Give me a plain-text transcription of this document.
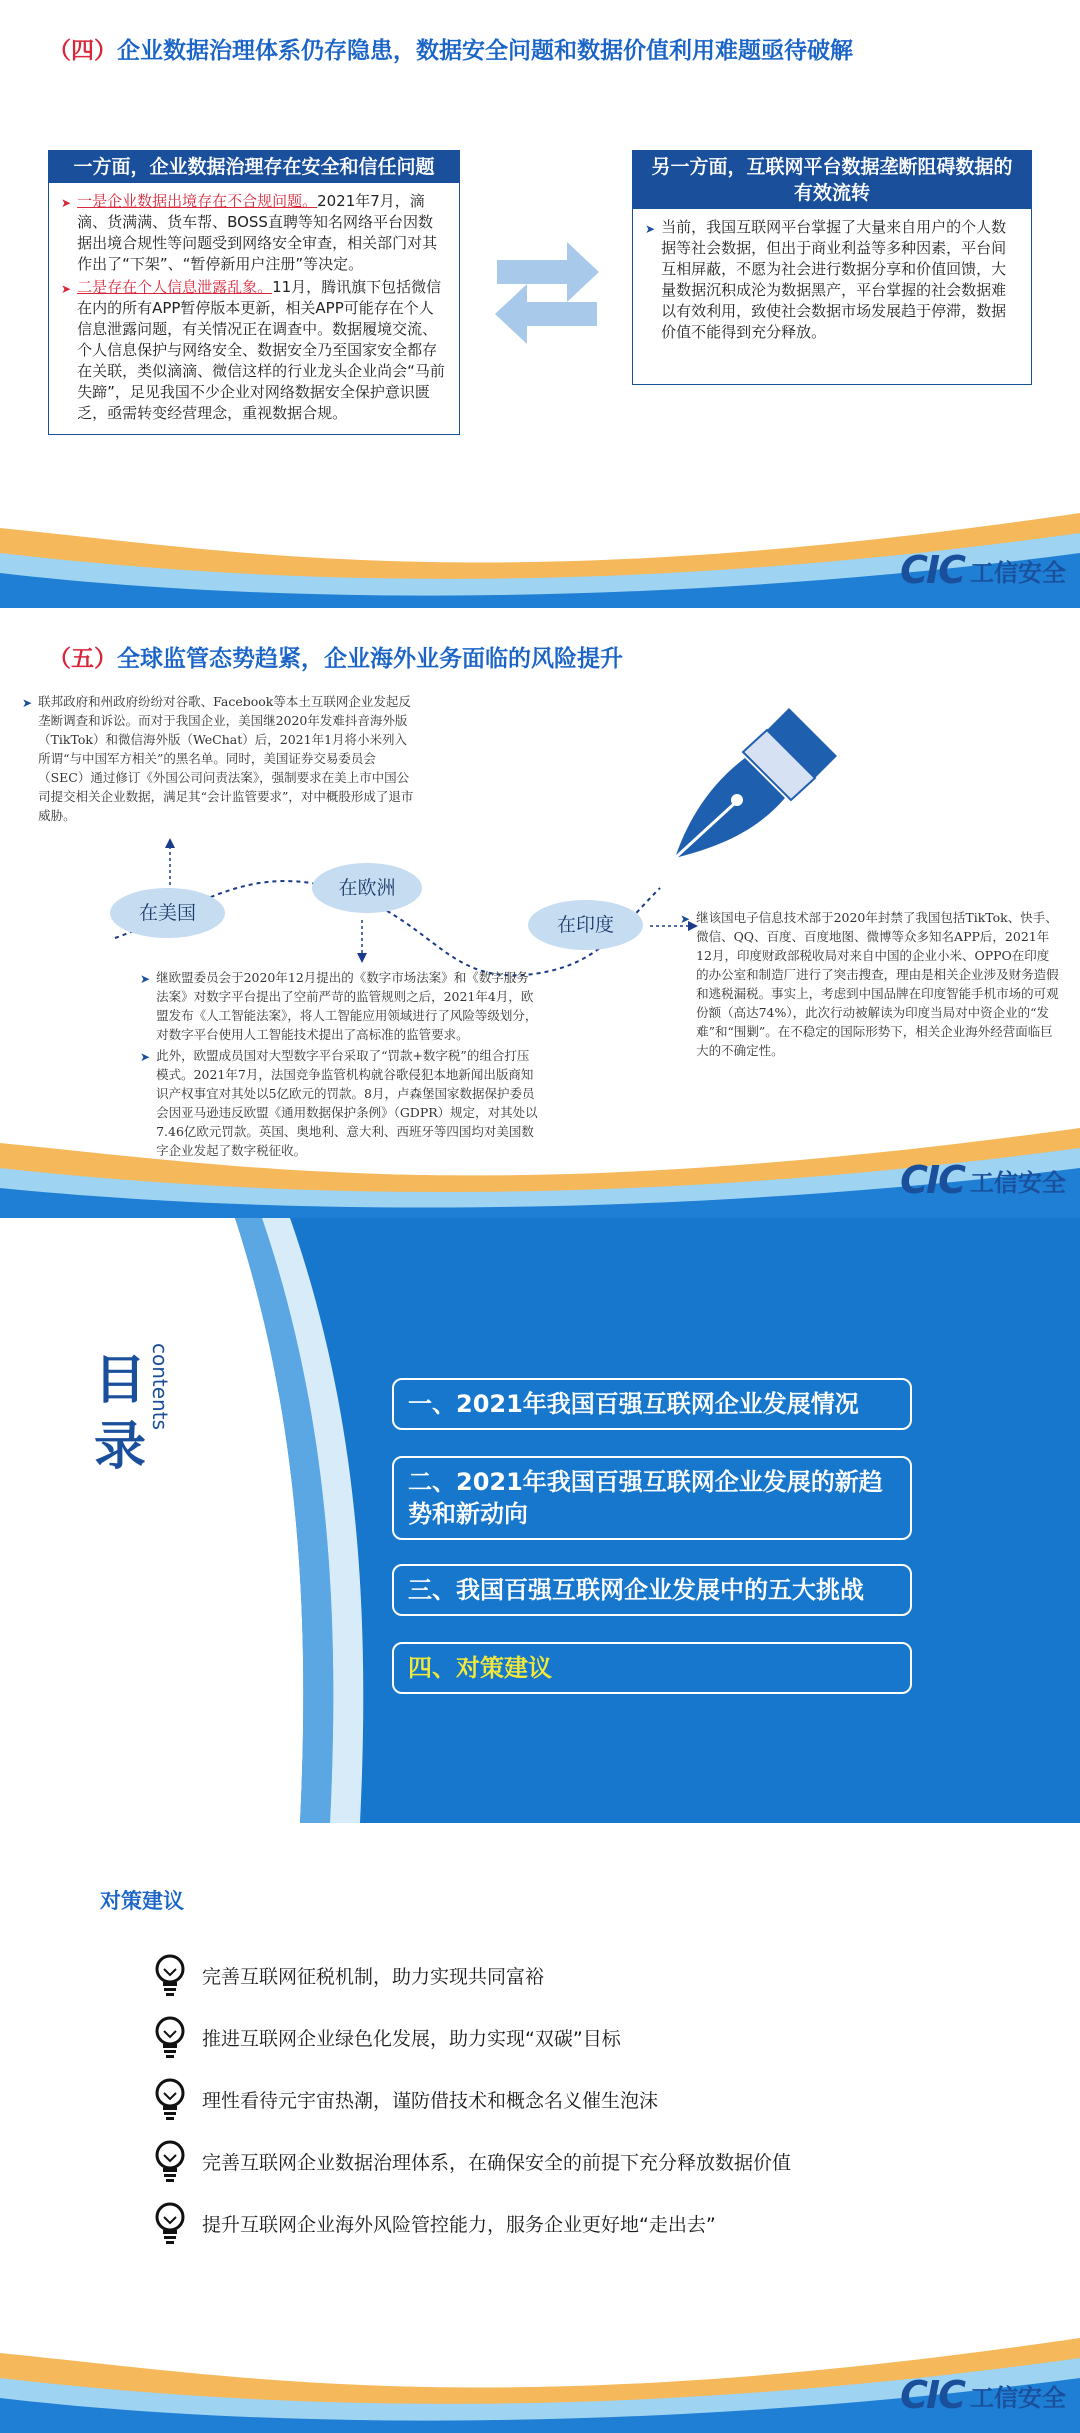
（四）企业数据治理体系仍存隐患，数据安全问题和数据价值利用难题亟待破解
一方面，企业数据治理存在安全和信任问题
➤ 一是企业数据出境存在不合规问题。2021年7月，滴滴、货满满、货车帮、BOSS直聘等知名网络平台因数据出境合规性等问题受到网络安全审查，相关部门对其作出了“下架”、“暂停新用户注册”等决定。
➤ 二是存在个人信息泄露乱象。11月，腾讯旗下包括微信在内的所有APP暂停版本更新，相关APP可能存在个人信息泄露问题，有关情况正在调查中。数据履境交流、个人信息保护与网络安全、数据安全乃至国家安全都存在关联，类似滴滴、微信这样的行业龙头企业尚会“马前失蹄”，足见我国不少企业对网络数据安全保护意识匮乏，亟需转变经营理念，重视数据合规。
另一方面，互联网平台数据垄断阻碍数据的有效流转
➤ 当前，我国互联网平台掌握了大量来自用户的个人数据等社会数据，但出于商业利益等多种因素，平台间互相屏蔽，不愿为社会进行数据分享和价值回馈，大量数据沉积成沦为数据黑产，平台掌握的社会数据难以有效利用，致使社会数据市场发展趋于停滞，数据价值不能得到充分释放。
CIC 工信安全
（五）全球监管态势趋紧，企业海外业务面临的风险提升
➤ 联邦政府和州政府纷纷对谷歌、Facebook等本土互联网企业发起反垄断调查和诉讼。而对于我国企业，美国继2020年发难抖音海外版（TikTok）和微信海外版（WeChat）后，2021年1月将小米列入所谓“与中国军方相关”的黑名单。同时，美国证券交易委员会（SEC）通过修订《外国公司问责法案》，强制要求在美上市中国公司提交相关企业数据，满足其“会计监管要求”，对中概股形成了退市威胁。
在美国
在欧洲
在印度
➤ 继欧盟委员会于2020年12月提出的《数字市场法案》和《数字服务法案》对数字平台提出了空前严苛的监管规则之后，2021年4月，欧盟发布《人工智能法案》，将人工智能应用领域进行了风险等级划分，对数字平台使用人工智能技术提出了高标准的监管要求。
➤ 此外，欧盟成员国对大型数字平台采取了“罚款+数字税”的组合打压模式。2021年7月，法国竞争监管机构就谷歌侵犯本地新闻出版商知识产权事宜对其处以5亿欧元的罚款。8月，卢森堡国家数据保护委员会因亚马逊违反欧盟《通用数据保护条例》（GDPR）规定，对其处以7.46亿欧元罚款。英国、奥地利、意大利、西班牙等四国均对美国数字企业发起了数字税征收。
➤ 继该国电子信息技术部于2020年封禁了我国包括TikTok、快手、微信、QQ、百度、百度地图、微博等众多知名APP后，2021年12月，印度财政部税收局对来自中国的企业小米、OPPO在印度的办公室和制造厂进行了突击搜查，理由是相关企业涉及财务造假和逃税漏税。事实上，考虑到中国品牌在印度智能手机市场的可观份额（高达74%），此次行动被解读为印度当局对中资企业的“发难”和“围剿”。在不稳定的国际形势下，相关企业海外经营面临巨大的不确定性。
CIC 工信安全
目录
contents	一、2021年我国百强互联网企业发展情况
二、2021年我国百强互联网企业发展的新趋势和新动向
三、我国百强互联网企业发展中的五大挑战
四、对策建议
对策建议
完善互联网征税机制，助力实现共同富裕
推进互联网企业绿色化发展，助力实现“双碳”目标
理性看待元宇宙热潮，谨防借技术和概念名义催生泡沫
完善互联网企业数据治理体系，在确保安全的前提下充分释放数据价值
提升互联网企业海外风险管控能力，服务企业更好地“走出去”
CIC 工信安全
